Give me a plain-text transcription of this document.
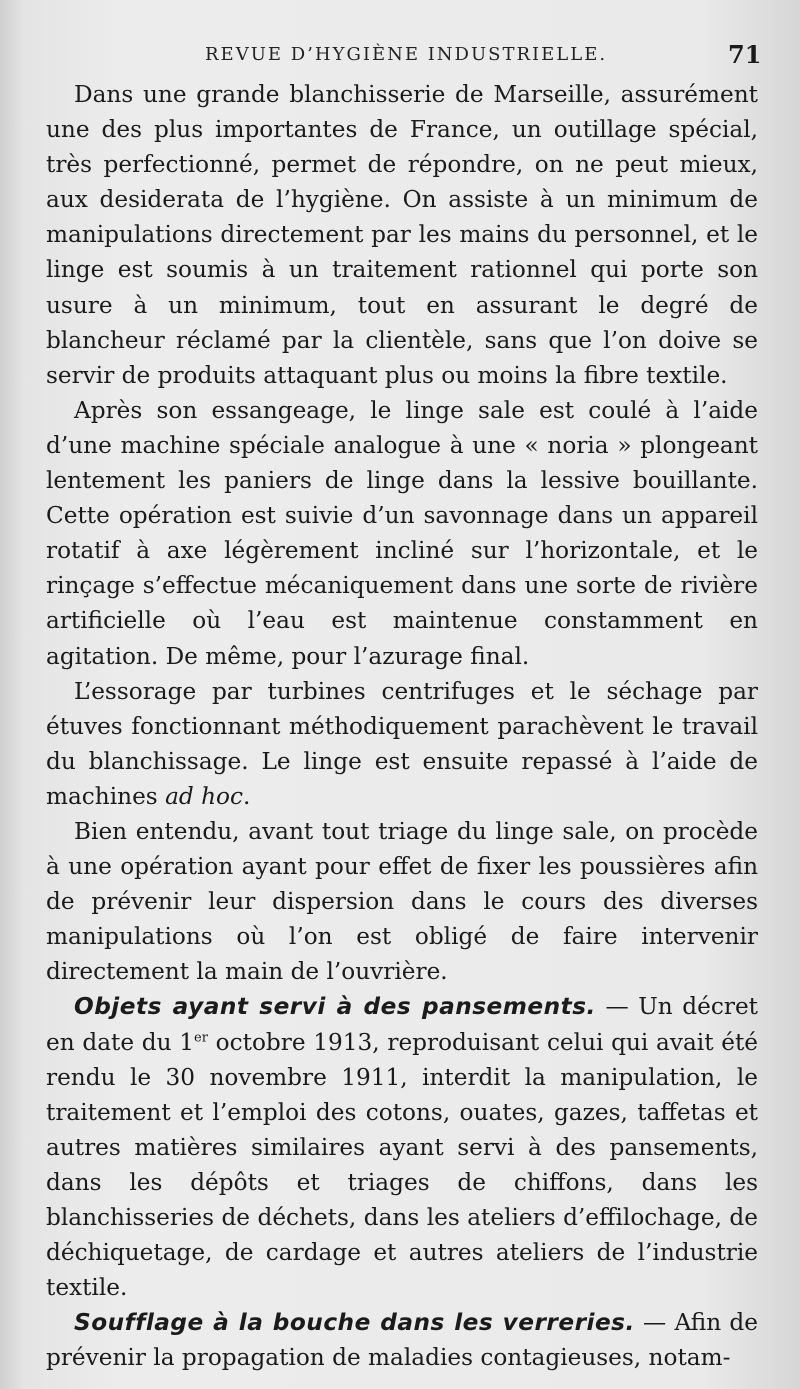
REVUE D’HYGIÈNE INDUSTRIELLE.	71

Dans une grande blanchisserie de Marseille, assurément une des plus importantes de France, un outillage spécial, très perfectionné, permet de répondre, on ne peut mieux, aux desiderata de l’hygiène. On assiste à un minimum de manipulations directement par les mains du personnel, et le linge est soumis à un traitement rationnel qui porte son usure à un minimum, tout en assurant le degré de blancheur réclamé par la clientèle, sans que l’on doive se servir de produits attaquant plus ou moins la fibre textile.

Après son essangeage, le linge sale est coulé à l’aide d’une machine spéciale analogue à une « noria » plongeant lentement les paniers de linge dans la lessive bouillante. Cette opération est suivie d’un savonnage dans un appareil rotatif à axe légèrement incliné sur l’horizontale, et le rinçage s’effectue mécaniquement dans une sorte de rivière artificielle où l’eau est maintenue constamment en agitation. De même, pour l’azurage final.

L’essorage par turbines centrifuges et le séchage par étuves fonctionnant méthodiquement parachèvent le travail du blanchissage. Le linge est ensuite repassé à l’aide de machines ad hoc.

Bien entendu, avant tout triage du linge sale, on procède à une opération ayant pour effet de fixer les poussières afin de prévenir leur dispersion dans le cours des diverses manipulations où l’on est obligé de faire intervenir directement la main de l’ouvrière.

Objets ayant servi à des pansements. — Un décret en date du 1er octobre 1913, reproduisant celui qui avait été rendu le 30 novembre 1911, interdit la manipulation, le traitement et l’emploi des cotons, ouates, gazes, taffetas et autres matières similaires ayant servi à des pansements, dans les dépôts et triages de chiffons, dans les blanchisseries de déchets, dans les ateliers d’effilochage, de déchiquetage, de cardage et autres ateliers de l’industrie textile.

Soufflage à la bouche dans les verreries. — Afin de prévenir la propagation de maladies contagieuses, notam-
